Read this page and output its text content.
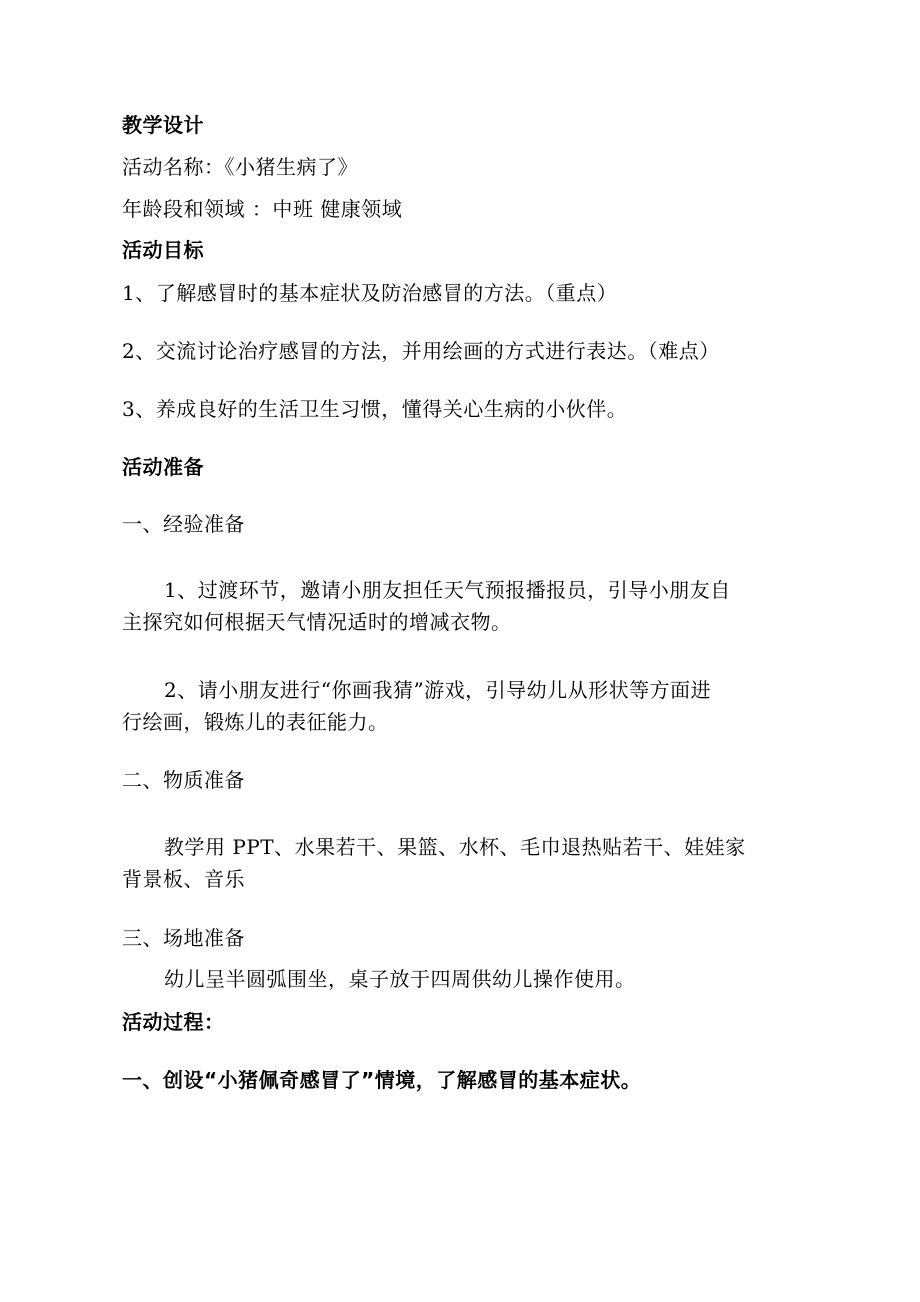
教学设计
活动名称：《小猪生病了》
年龄段和领域 ：中班 健康领域
活动目标
1、了解感冒时的基本症状及防治感冒的方法。（重点）
2、交流讨论治疗感冒的方法，并用绘画的方式进行表达。（难点）
3、养成良好的生活卫生习惯，懂得关心生病的小伙伴。
活动准备
一、经验准备
1、过渡环节，邀请小朋友担任天气预报播报员，引导小朋友自
主探究如何根据天气情况适时的增减衣物。
2、请小朋友进行“你画我猜”游戏，引导幼儿从形状等方面进
行绘画，锻炼儿的表征能力。
二、物质准备
教学用 PPT、水果若干、果篮、水杯、毛巾退热贴若干、娃娃家
背景板、音乐
三、场地准备
幼儿呈半圆弧围坐，桌子放于四周供幼儿操作使用。
活动过程：
一、创设“小猪佩奇感冒了”情境，了解感冒的基本症状。
